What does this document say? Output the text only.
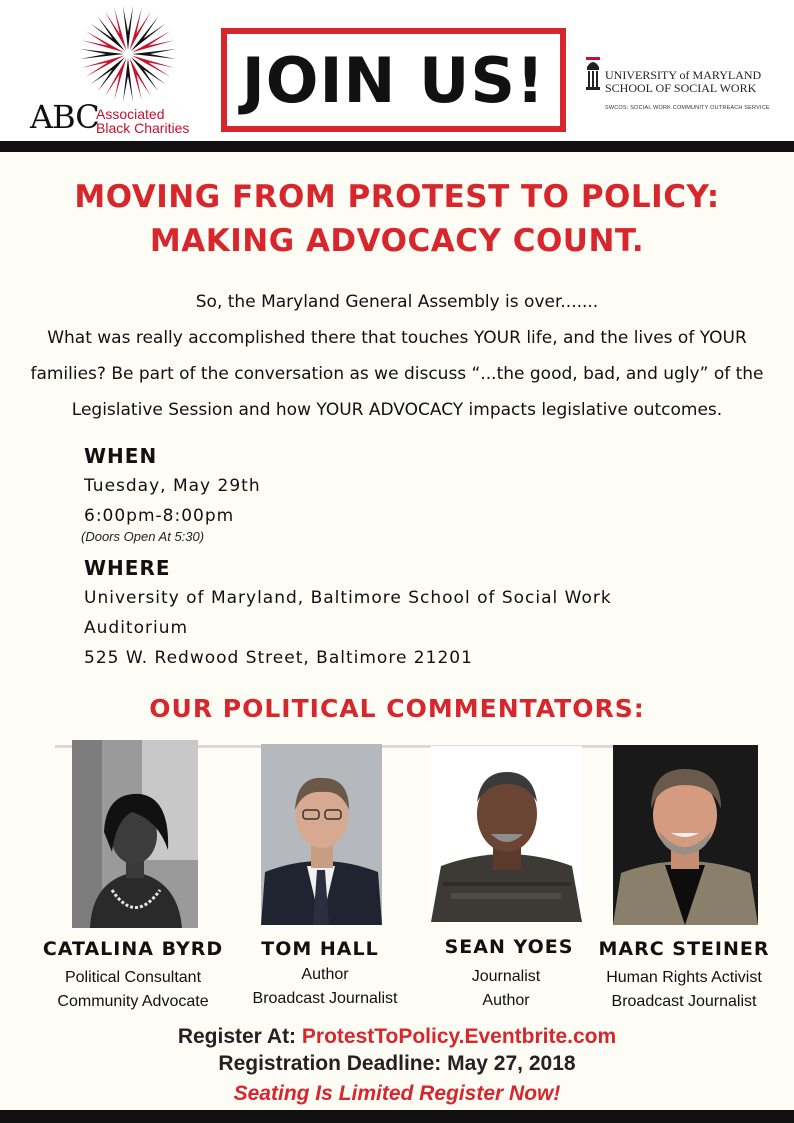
ABC
Associated
Black Charities
JOIN US!	UNIVERSITY of MARYLAND
SCHOOL OF SOCIAL WORK
SWCOS: SOCIAL WORK COMMUNITY OUTREACH SERVICE
MOVING FROM PROTEST TO POLICY:
MAKING ADVOCACY COUNT.
So, the Maryland General Assembly is over.......
What was really accomplished there that touches YOUR life, and the lives of YOUR
families? Be part of the conversation as we discuss “...the good, bad, and ugly” of the
Legislative Session and how YOUR ADVOCACY impacts legislative outcomes.
WHEN
Tuesday, May 29th
6:00pm-8:00pm
(Doors Open At 5:30)
WHERE
University of Maryland, Baltimore School of Social Work
Auditorium
525 W. Redwood Street, Baltimore 21201
OUR POLITICAL COMMENTATORS:
CATALINA BYRD	TOM HALL	SEAN YOES	MARC STEINER
Political Consultant
Community Advocate
Author
Broadcast Journalist
Journalist
Author
Human Rights Activist
Broadcast Journalist
Register At: ProtestToPolicy.Eventbrite.com
Registration Deadline: May 27, 2018
Seating Is Limited Register Now!
